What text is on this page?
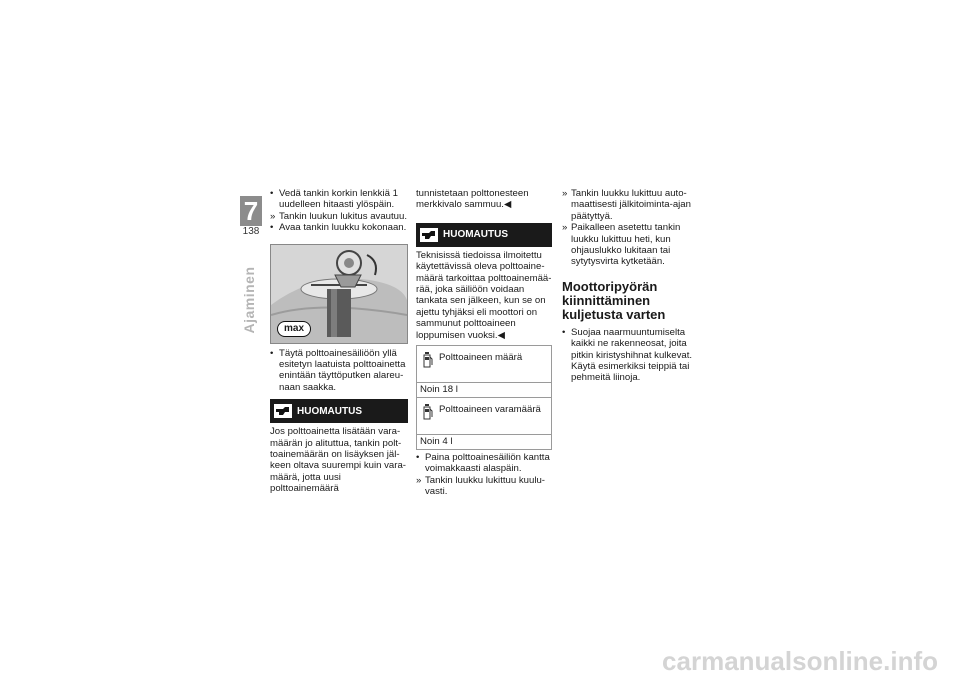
7
138
Ajaminen
• Vedä tankin korkin lenkkiä 1 uudelleen hitaasti ylöspäin.
» Tankin luukun lukitus avautuu.
• Avaa tankin luukku kokonaan.
max
• Täytä polttoainesäiliöön yllä esitetyn laatuista polttoainetta enintään täyttöputken alareunaan saakka.
HUOMAUTUS
Jos polttoainetta lisätään varamäärän jo alituttua, tankin polttoainemäärän on lisäyksen jälkeen oltava suurempi kuin varamäärä, jotta uusi polttoainemäärä
tunnistetaan polttonesteen merkkivalo sammuu.◀
HUOMAUTUS
Teknisissä tiedoissa ilmoitettu käytettävissä oleva polttoainemäärä tarkoittaa polttoainemäärää, joka säiliöön voidaan tankata sen jälkeen, kun se on ajettu tyhjäksi eli moottori on sammunut polttoaineen loppumisen vuoksi.◀
Polttoaineen määrä
Noin 18 l
Polttoaineen varamäärä
Noin 4 l
• Paina polttoainesäiliön kantta voimakkaasti alaspäin.
» Tankin luukku lukittuu kuuluvasti.
» Tankin luukku lukittuu automaattisesti jälkitoiminta-ajan päätyttyä.
» Paikalleen asetettu tankin luukku lukittuu heti, kun ohjauslukko lukitaan tai sytytysvirta kytketään.
Moottoripyörän kiinnittäminen kuljetusta varten
• Suojaa naarmuuntumiselta kaikki ne rakenneosat, joita pitkin kiristyshihnat kulkevat. Käytä esimerkiksi teippiä tai pehmeitä liinoja.
carmanualsonline.info
